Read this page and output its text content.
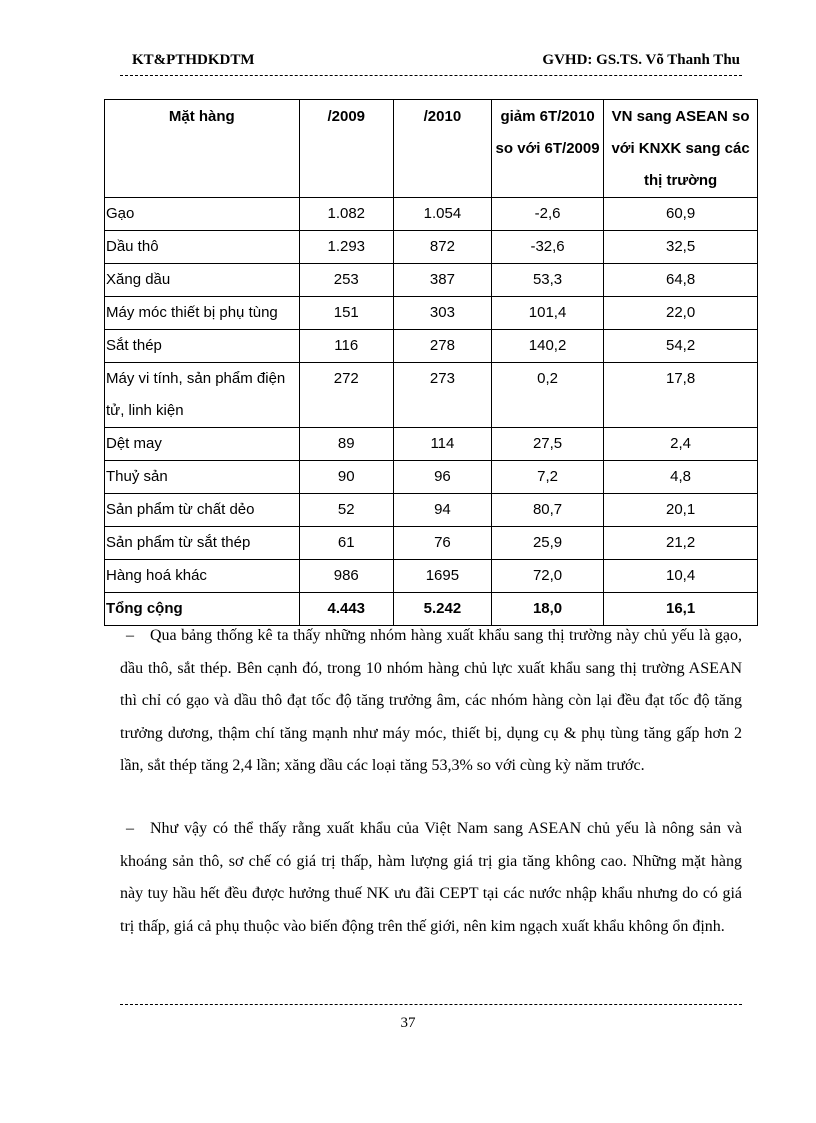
KT&PTHDKDTM	GVHD: GS.TS. Võ Thanh Thu
Mặt hàng	/2009	/2010	giảm 6T/2010 so với 6T/2009	VN sang ASEAN so với KNXK sang các thị trường
Gạo	1.082	1.054	-2,6	60,9
Dầu thô	1.293	872	-32,6	32,5
Xăng dầu	253	387	53,3	64,8
Máy móc thiết bị phụ tùng	151	303	101,4	22,0
Sắt thép	116	278	140,2	54,2
Máy vi tính, sản phẩm điện tử, linh kiện	272	273	0,2	17,8
Dệt may	89	114	27,5	2,4
Thuỷ sản	90	96	7,2	4,8
Sản phẩm từ chất dẻo	52	94	80,7	20,1
Sản phẩm từ sắt thép	61	76	25,9	21,2
Hàng hoá khác	986	1695	72,0	10,4
Tổng cộng	4.443	5.242	18,0	16,1
– Qua bảng thống kê ta thấy những nhóm hàng xuất khẩu sang thị trường này chủ yếu là gạo, dầu thô, sắt thép. Bên cạnh đó, trong 10 nhóm hàng chủ lực xuất khẩu sang thị trường ASEAN thì chỉ có gạo và dầu thô đạt tốc độ tăng trưởng âm, các nhóm hàng còn lại đều đạt tốc độ tăng trưởng dương, thậm chí tăng mạnh như máy móc, thiết bị, dụng cụ & phụ tùng tăng gấp hơn 2 lần, sắt thép tăng 2,4 lần; xăng dầu các loại tăng 53,3% so với cùng kỳ năm trước.
– Như vậy có thể thấy rằng xuất khẩu của Việt Nam sang ASEAN chủ yếu là nông sản và khoáng sản thô, sơ chế có giá trị thấp, hàm lượng giá trị gia tăng không cao. Những mặt hàng này tuy hầu hết đều được hưởng thuế NK ưu đãi CEPT tại các nước nhập khẩu nhưng do có giá trị thấp, giá cả phụ thuộc vào biến động trên thế giới, nên kim ngạch xuất khẩu không ổn định.
37
